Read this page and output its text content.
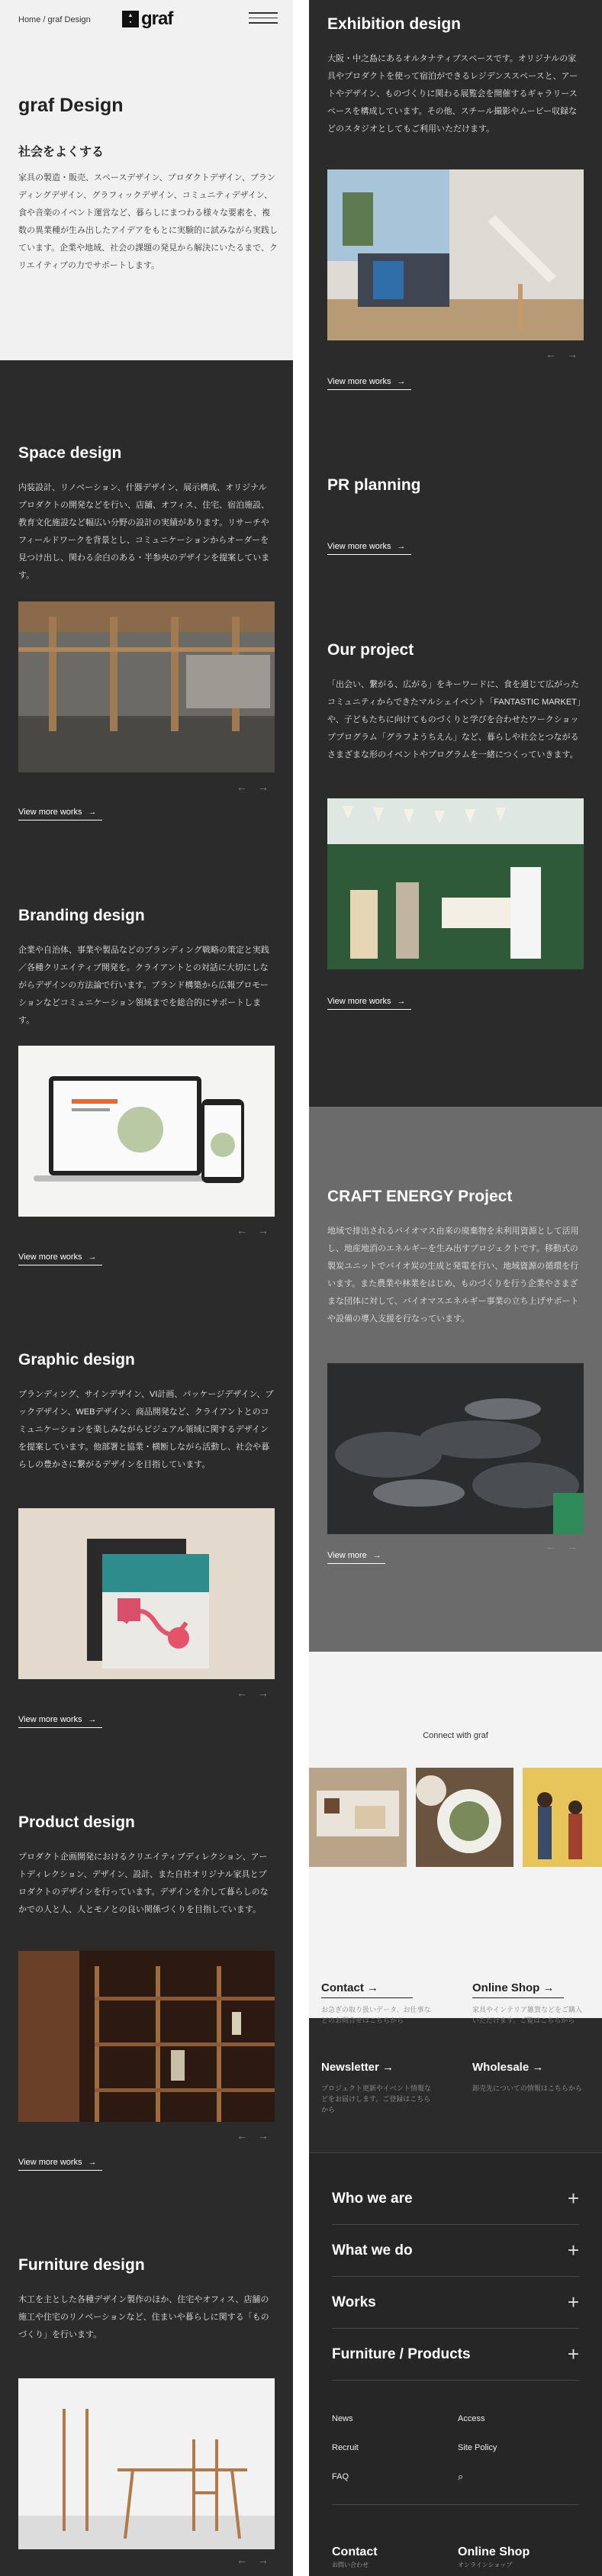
Home / graf Design	▲
▪ graf
graf Design
社会をよくする

家具の製造・販売、スペースデザイン、プロダクトデザイン、ブランディングデザイン、グラフィックデザイン、コミュニティデザイン、食や音楽のイベント運営など、暮らしにまつわる様々な要素を、複数の異業種が生み出したアイデアをもとに実験的に試みながら実践しています。企業や地域、社会の課題の発見から解決にいたるまで、クリエイティブの力でサポートします。

Space design

内装設計、リノベーション、什器デザイン、展示構成、オリジナルプロダクトの開発などを行い、店舗、オフィス、住宅、宿泊施設、教育文化施設など幅広い分野の設計の実績があります。リサーチやフィールドワークを背景とし、コミュニケーションからオーダーを見つけ出し、関わる余白のある・半参央のデザインを提案しています。

←→
View more works →
Branding design

企業や自治体、事業や製品などのブランディング戦略の策定と実践／各種クリエイティブ開発を。クライアントとの対話に大切にしながらデザインの方法論で行います。ブランド構築から広報プロモーションなどコミュニケーション領域までを総合的にサポートします。

←→
View more works →
Graphic design

ブランディング、サインデザイン、VI計画、パッケージデザイン、ブックデザイン、WEBデザイン、商品開発など、クライアントとのコミュニケーションを楽しみながらビジュアル領域に関するデザインを提案しています。他部署と協業・横断しながら活動し、社会や暮らしの豊かさに繋がるデザインを目指しています。

←→
View more works →
Product design

プロダクト企画開発におけるクリエイティブディレクション、アートディレクション、デザイン、設計、また自社オリジナル家具とプロダクトのデザインを行っています。デザインを介して暮らしのなかでの人と人、人とモノとの良い関係づくりを目指しています。

←→
View more works →
Furniture design

木工を主とした各種デザイン製作のほか、住宅やオフィス、店舗の施工や住宅のリノベーションなど、住まいや暮らしに関する「ものづくり」を行います。

←→
Exhibition design

大阪・中之島にあるオルタナティブスペースです。オリジナルの家具やプロダクトを使って宿泊ができるレジデンススペースと、アートやデザイン、ものづくりに関わる展覧会を開催するギャラリースペースを構成しています。その他、スチール撮影やムービー収録などのスタジオとしてもご利用いただけます。

←→
View more works →
PR planning
View more works →
Our project

「出会い、繋がる、広がる」をキーワードに、食を通じて広がったコミュニティからできたマルシェイベント「FANTASTIC MARKET」や、子どもたちに向けてものづくりと学びを合わせたワークショッププログラム「グラフようちえん」など、暮らしや社会とつながるさまざまな形のイベントやプログラムを一緒につくっていきます。

View more works →
CRAFT ENERGY Project

地域で排出されるバイオマス由来の廃棄物を未利用資源として活用し、地産地消のエネルギーを生み出すプロジェクトです。移動式の製炭ユニットでバイオ炭の生成と発電を行い、地域資源の循環を行います。また農業や林業をはじめ、ものづくりを行う企業やさまざまな団体に対して、バイオマスエネルギー事業の立ち上げサポートや設備の導入支援を行なっています。

←→
View more →
Connect with graf
Contact →
お急ぎの取り扱いデータ、お仕事などのお問合せはこちらから
Online Shop →
家具やインテリア雑貨などをご購入いただけます。ご覧はこちらから
Newsletter →
プロジェクト更新やイベント情報などをお届けします。ご登録はこちらから
Wholesale →
卸売先についての情報はこちらから
Who we are	+
What we do	+
Works	+
Furniture / Products	+
News	Access
Recruit	Site Policy
FAQ	⌕
Contact
お問い合わせ
Online Shop
オンラインショップ
